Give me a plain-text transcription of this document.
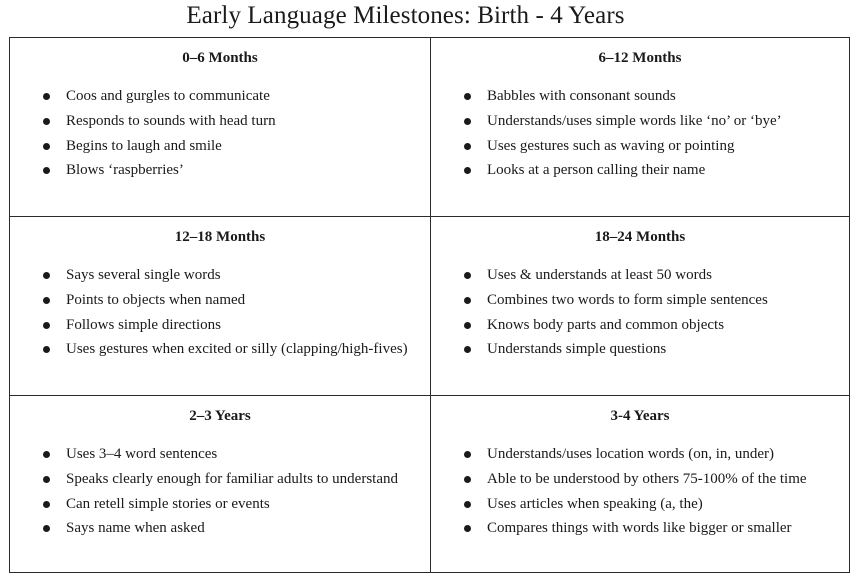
Early Language Milestones: Birth - 4 Years
0–6 Months
Coos and gurgles to communicate
Responds to sounds with head turn
Begins to laugh and smile
Blows ‘raspberries’
6–12 Months
Babbles with consonant sounds
Understands/uses simple words like ‘no’ or ‘bye’
Uses gestures such as waving or pointing
Looks at a person calling their name
12–18 Months
Says several single words
Points to objects when named
Follows simple directions
Uses gestures when excited or silly (clapping/high-fives)
18–24 Months
Uses & understands at least 50 words
Combines two words to form simple sentences
Knows body parts and common objects
Understands simple questions
2–3 Years
Uses 3–4 word sentences
Speaks clearly enough for familiar adults to understand
Can retell simple stories or events
Says name when asked
3-4 Years
Understands/uses location words (on, in, under)
Able to be understood by others 75-100% of the time
Uses articles when speaking (a, the)
Compares things with words like bigger or smaller
